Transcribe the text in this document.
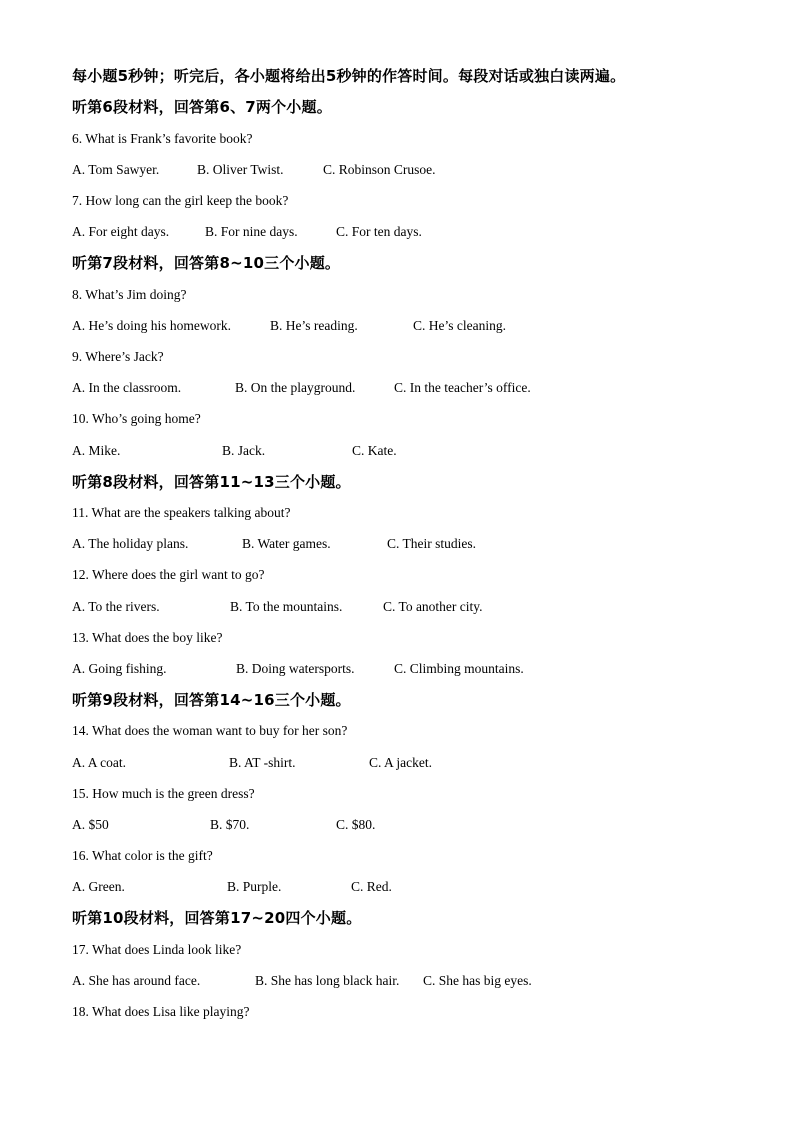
每小题5秒钟；听完后，各小题将给出5秒钟的作答时间。每段对话或独白读两遍。
听第6段材料，回答第6、7两个小题。
6. What is Frank’s favorite book?
A. Tom Sawyer.	B. Oliver Twist.	C. Robinson Crusoe.
7. How long can the girl keep the book?
A. For eight days.	B. For nine days.	C. For ten days.
听第7段材料，回答第8~10三个小题。
8. What’s Jim doing?
A. He’s doing his homework.	B. He’s reading.	C. He’s cleaning.
9. Where’s Jack?
A. In the classroom.	B. On the playground.	C. In the teacher’s office.
10. Who’s going home?
A. Mike.	B. Jack.	C. Kate.
听第8段材料，回答第11~13三个小题。
11. What are the speakers talking about?
A. The holiday plans.	B. Water games.	C. Their studies.
12. Where does the girl want to go?
A. To the rivers.	B. To the mountains.	C. To another city.
13. What does the boy like?
A. Going fishing.	B. Doing watersports.	C. Climbing mountains.
听第9段材料，回答第14~16三个小题。
14. What does the woman want to buy for her son?
A. A coat.	B. AT -shirt.	C. A jacket.
15. How much is the green dress?
A. $50	B. $70.	C. $80.
16. What color is the gift?
A. Green.	B. Purple.	C. Red.
听第10段材料，回答第17~20四个小题。
17. What does Linda look like?
A. She has around face.	B. She has long black hair. C. She has big eyes.
18. What does Lisa like playing?
